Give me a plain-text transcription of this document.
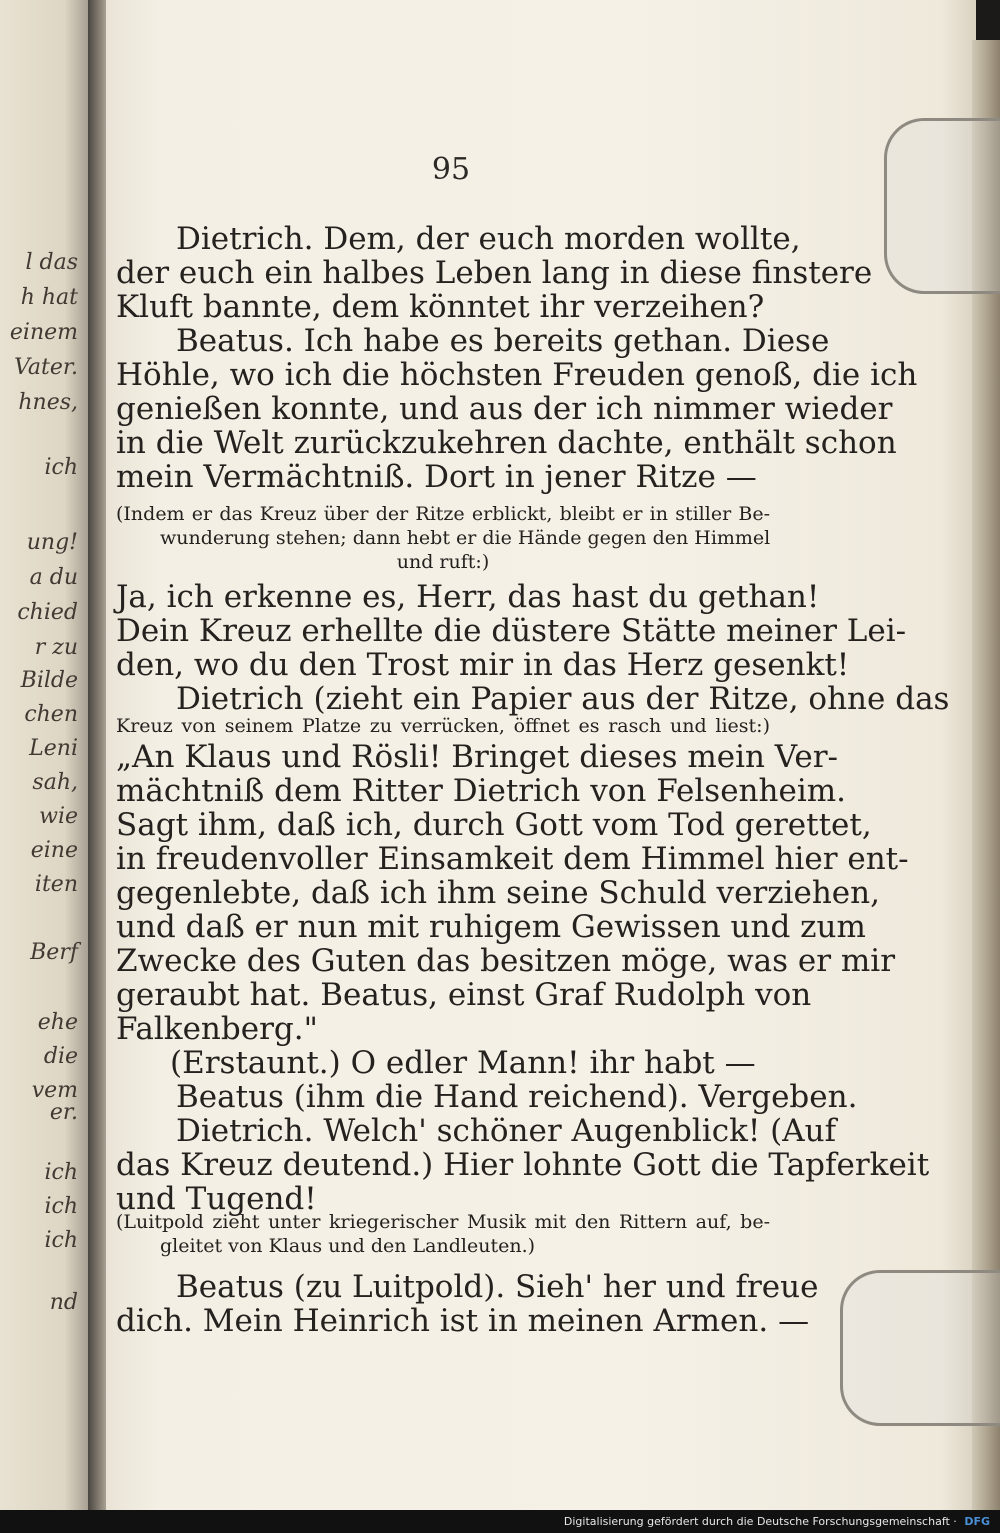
l das
h hat
einem
Vater.
hnes,
ich
ung!
a du
chied
r zu
Bilde
chen
Leni
sah,
wie
eine
iten
Berf
ehe
die
vem
er.
ich
ich
ich
nd
95
Dietrich. Dem, der euch morden wollte,
der euch ein halbes Leben lang in diese finstere
Kluft bannte, dem könntet ihr verzeihen?
Beatus. Ich habe es bereits gethan. Diese
Höhle, wo ich die höchsten Freuden genoß, die ich
genießen konnte, und aus der ich nimmer wieder
in die Welt zurückzukehren dachte, enthält schon
mein Vermächtniß. Dort in jener Ritze —
(Indem er das Kreuz über der Ritze erblickt, bleibt er in stiller Be-
wunderung stehen; dann hebt er die Hände gegen den Himmel
und ruft:)
Ja, ich erkenne es, Herr, das hast du gethan!
Dein Kreuz erhellte die düstere Stätte meiner Lei-
den, wo du den Trost mir in das Herz gesenkt!
Dietrich (zieht ein Papier aus der Ritze, ohne das
Kreuz von seinem Platze zu verrücken, öffnet es rasch und liest:)
„An Klaus und Rösli! Bringet dieses mein Ver-
mächtniß dem Ritter Dietrich von Felsenheim.
Sagt ihm, daß ich, durch Gott vom Tod gerettet,
in freudenvoller Einsamkeit dem Himmel hier ent-
gegenlebte, daß ich ihm seine Schuld verziehen,
und daß er nun mit ruhigem Gewissen und zum
Zwecke des Guten das besitzen möge, was er mir
geraubt hat. Beatus, einst Graf Rudolph von
Falkenberg."
(Erstaunt.) O edler Mann! ihr habt —
Beatus (ihm die Hand reichend). Vergeben.
Dietrich. Welch' schöner Augenblick! (Auf
das Kreuz deutend.) Hier lohnte Gott die Tapferkeit
und Tugend!
(Luitpold zieht unter kriegerischer Musik mit den Rittern auf, be-
gleitet von Klaus und den Landleuten.)
Beatus (zu Luitpold). Sieh' her und freue
dich. Mein Heinrich ist in meinen Armen. —
Digitalisierung gefördert durch die Deutsche Forschungsgemeinschaft · DFG
